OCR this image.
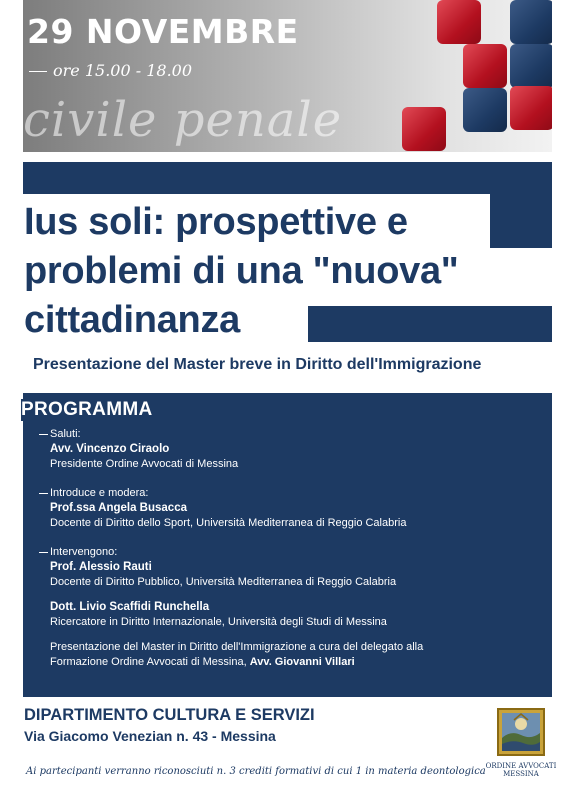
civile penale
29 NOVEMBRE
ore 15.00 - 18.00
Ius soli: prospettive e problemi di una "nuova" cittadinanza
Presentazione del Master breve in Diritto dell'Immigrazione
PROGRAMMA
Saluti:
Avv. Vincenzo Ciraolo
Presidente Ordine Avvocati di Messina
Introduce e modera:
Prof.ssa Angela Busacca
Docente di Diritto dello Sport, Università Mediterranea di Reggio Calabria
Intervengono:
Prof. Alessio Rauti
Docente di Diritto Pubblico, Università Mediterranea di Reggio Calabria
Dott. Livio Scaffidi Runchella
Ricercatore in Diritto Internazionale, Università degli Studi di Messina
Presentazione del Master in Diritto dell'Immigrazione a cura del delegato alla
Formazione Ordine Avvocati di Messina, Avv. Giovanni Villari
DIPARTIMENTO CULTURA E SERVIZI
Via Giacomo Venezian n. 43 - Messina
ORDINE AVVOCATI
MESSINA
Ai partecipanti verranno riconosciuti n. 3 crediti formativi di cui 1 in materia deontologica
